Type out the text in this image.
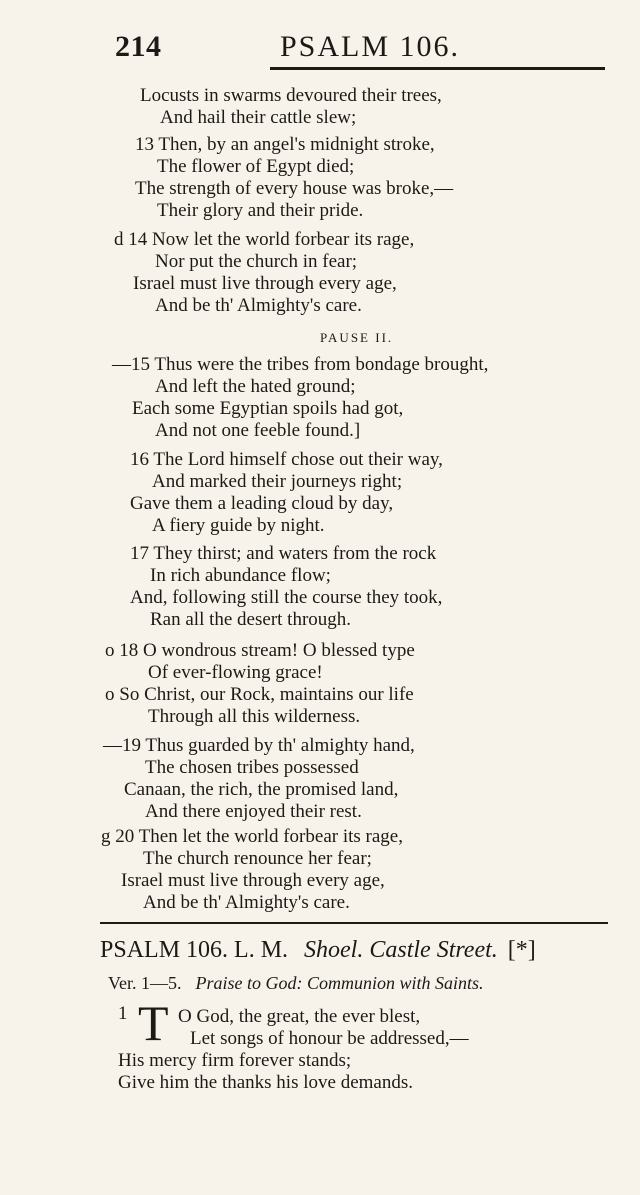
214	PSALM 106.
Locusts in swarms devoured their trees,
And hail their cattle slew;
13 Then, by an angel's midnight stroke,
The flower of Egypt died;
The strength of every house was broke,—
Their glory and their pride.
d 14 Now let the world forbear its rage,
Nor put the church in fear;
Israel must live through every age,
And be th' Almighty's care.
PAUSE II.
—15 Thus were the tribes from bondage brought,
And left the hated ground;
Each some Egyptian spoils had got,
And not one feeble found.]
16 The Lord himself chose out their way,
And marked their journeys right;
Gave them a leading cloud by day,
A fiery guide by night.
17 They thirst; and waters from the rock
In rich abundance flow;
And, following still the course they took,
Ran all the desert through.
o 18 O wondrous stream! O blessed type
Of ever-flowing grace!
o So Christ, our Rock, maintains our life
Through all this wilderness.
—19 Thus guarded by th' almighty hand,
The chosen tribes possessed
Canaan, the rich, the promised land,
And there enjoyed their rest.
g 20 Then let the world forbear its rage,
The church renounce her fear;
Israel must live through every age,
And be th' Almighty's care.
PSALM 106. L. M. Shoel. Castle Street. [*]
Ver. 1—5. Praise to God: Communion with Saints.
1 T O God, the great, the ever blest,
Let songs of honour be addressed,—
His mercy firm forever stands;
Give him the thanks his love demands.
